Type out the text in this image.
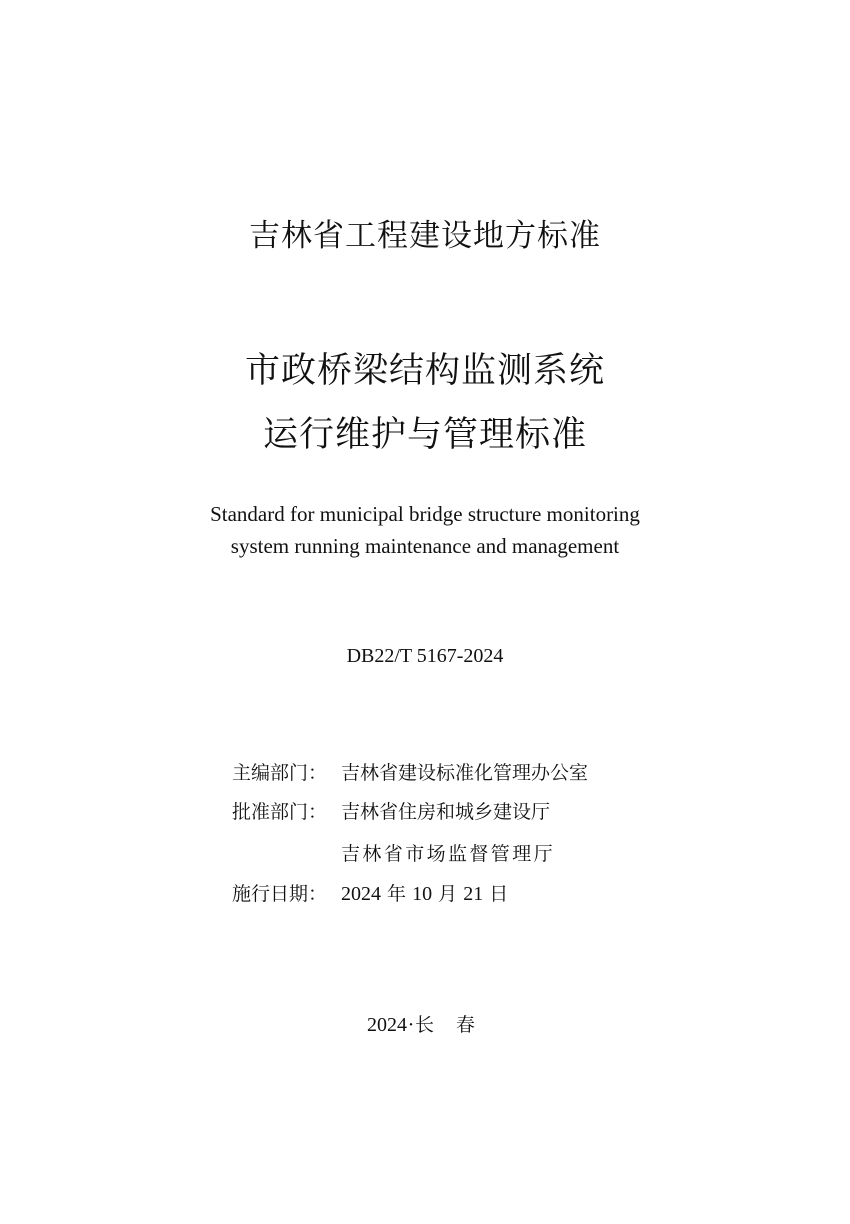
吉林省工程建设地方标准
市政桥梁结构监测系统
运行维护与管理标准
Standard for municipal bridge structure monitoring
system running maintenance and management
DB22/T 5167-2024
主编部门： 吉林省建设标准化管理办公室
批准部门： 吉林省住房和城乡建设厅
吉林省市场监督管理厅
施行日期： 2024 年 10 月 21 日
2024·长 春
